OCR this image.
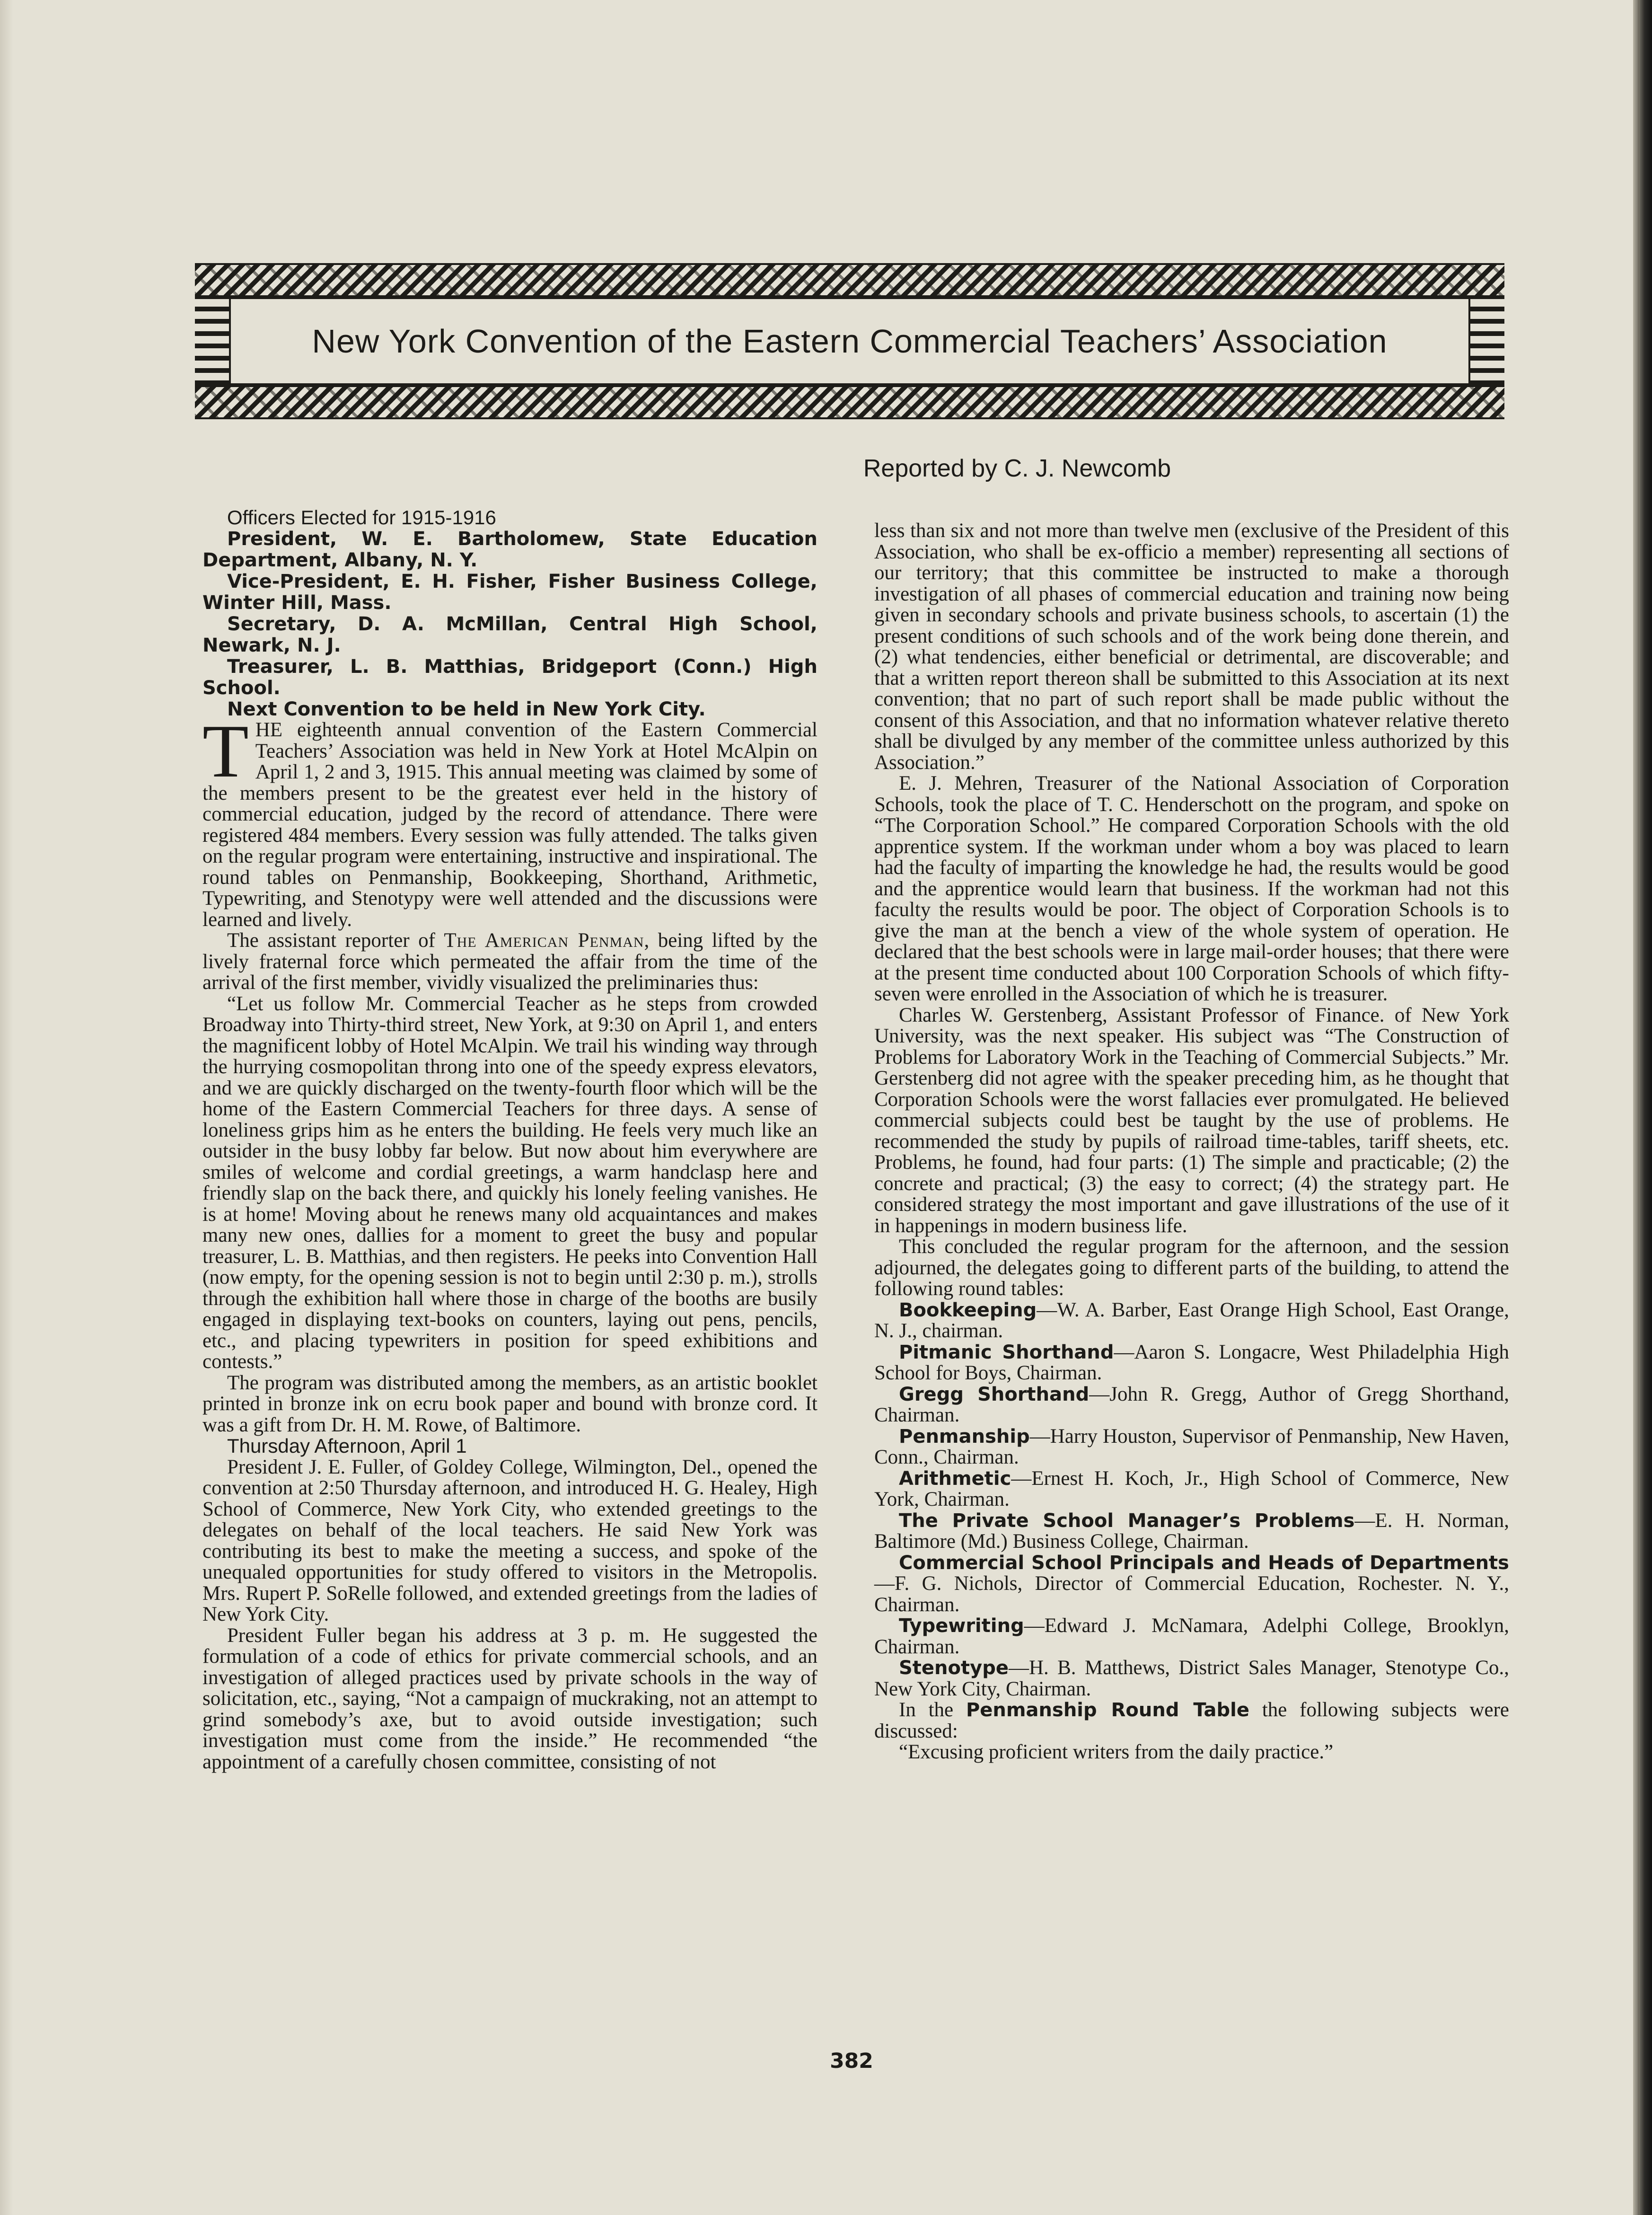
New York Convention of the Eastern Commercial Teachers’ Association

Reported by C. J. Newcomb

Officers Elected for 1915-1916

President, W. E. Bartholomew, State Education Department, Albany, N. Y.

Vice-President, E. H. Fisher, Fisher Business College, Winter Hill, Mass.

Secretary, D. A. McMillan, Central High School, Newark, N. J.

Treasurer, L. B. Matthias, Bridgeport (Conn.) High School.

Next Convention to be held in New York City.

THE eighteenth annual convention of the Eastern Commercial Teachers’ Association was held in New York at Hotel McAlpin on April 1, 2 and 3, 1915. This annual meeting was claimed by some of the members present to be the greatest ever held in the history of commercial education, judged by the record of attendance. There were registered 484 members. Every session was fully attended. The talks given on the regular program were entertaining, instructive and inspirational. The round tables on Penmanship, Bookkeeping, Shorthand, Arithmetic, Typewriting, and Stenotypy were well attended and the discussions were learned and lively.

The assistant reporter of The American Penman, being lifted by the lively fraternal force which permeated the affair from the time of the arrival of the first member, vividly visualized the preliminaries thus:

“Let us follow Mr. Commercial Teacher as he steps from crowded Broadway into Thirty-third street, New York, at 9:30 on April 1, and enters the magnificent lobby of Hotel McAlpin. We trail his winding way through the hurrying cosmopolitan throng into one of the speedy express elevators, and we are quickly discharged on the twenty-fourth floor which will be the home of the Eastern Commercial Teachers for three days. A sense of loneliness grips him as he enters the building. He feels very much like an outsider in the busy lobby far below. But now about him everywhere are smiles of welcome and cordial greetings, a warm handclasp here and friendly slap on the back there, and quickly his lonely feeling vanishes. He is at home! Moving about he renews many old acquaintances and makes many new ones, dallies for a moment to greet the busy and popular treasurer, L. B. Matthias, and then registers. He peeks into Convention Hall (now empty, for the opening session is not to begin until 2:30 p. m.), strolls through the exhibition hall where those in charge of the booths are busily engaged in displaying text-books on counters, laying out pens, pencils, etc., and placing typewriters in position for speed exhibitions and contests.”

The program was distributed among the members, as an artistic booklet printed in bronze ink on ecru book paper and bound with bronze cord. It was a gift from Dr. H. M. Rowe, of Baltimore.

Thursday Afternoon, April 1

President J. E. Fuller, of Goldey College, Wilmington, Del., opened the convention at 2:50 Thursday afternoon, and introduced H. G. Healey, High School of Commerce, New York City, who extended greetings to the delegates on behalf of the local teachers. He said New York was contributing its best to make the meeting a success, and spoke of the unequaled opportunities for study offered to visitors in the Metropolis. Mrs. Rupert P. SoRelle followed, and extended greetings from the ladies of New York City.

President Fuller began his address at 3 p. m. He suggested the formulation of a code of ethics for private commercial schools, and an investigation of alleged practices used by private schools in the way of solicitation, etc., saying, “Not a campaign of muckraking, not an attempt to grind somebody’s axe, but to avoid outside investigation; such investigation must come from the inside.” He recommended “the appointment of a carefully chosen committee, consisting of not

less than six and not more than twelve men (exclusive of the President of this Association, who shall be ex-officio a member) representing all sections of our territory; that this committee be instructed to make a thorough investigation of all phases of commercial education and training now being given in secondary schools and private business schools, to ascertain (1) the present conditions of such schools and of the work being done therein, and (2) what tendencies, either beneficial or detrimental, are discoverable; and that a written report thereon shall be submitted to this Association at its next convention; that no part of such report shall be made public without the consent of this Association, and that no information whatever relative thereto shall be divulged by any member of the committee unless authorized by this Association.”

E. J. Mehren, Treasurer of the National Association of Corporation Schools, took the place of T. C. Henderschott on the program, and spoke on “The Corporation School.” He compared Corporation Schools with the old apprentice system. If the workman under whom a boy was placed to learn had the faculty of imparting the knowledge he had, the results would be good and the apprentice would learn that business. If the workman had not this faculty the results would be poor. The object of Corporation Schools is to give the man at the bench a view of the whole system of operation. He declared that the best schools were in large mail-order houses; that there were at the present time conducted about 100 Corporation Schools of which fifty-seven were enrolled in the Association of which he is treasurer.

Charles W. Gerstenberg, Assistant Professor of Finance. of New York University, was the next speaker. His subject was “The Construction of Problems for Laboratory Work in the Teaching of Commercial Subjects.” Mr. Gerstenberg did not agree with the speaker preceding him, as he thought that Corporation Schools were the worst fallacies ever promulgated. He believed commercial subjects could best be taught by the use of problems. He recommended the study by pupils of railroad time-tables, tariff sheets, etc. Problems, he found, had four parts: (1) The simple and practicable; (2) the concrete and practical; (3) the easy to correct; (4) the strategy part. He considered strategy the most important and gave illustrations of the use of it in happenings in modern business life.

This concluded the regular program for the afternoon, and the session adjourned, the delegates going to different parts of the building, to attend the following round tables:

Bookkeeping—W. A. Barber, East Orange High School, East Orange, N. J., chairman.

Pitmanic Shorthand—Aaron S. Longacre, West Philadelphia High School for Boys, Chairman.

Gregg Shorthand—John R. Gregg, Author of Gregg Shorthand, Chairman.

Penmanship—Harry Houston, Supervisor of Penmanship, New Haven, Conn., Chairman.

Arithmetic—Ernest H. Koch, Jr., High School of Commerce, New York, Chairman.

The Private School Manager’s Problems—E. H. Norman, Baltimore (Md.) Business College, Chairman.

Commercial School Principals and Heads of Departments—F. G. Nichols, Director of Commercial Education, Rochester. N. Y., Chairman.

Typewriting—Edward J. McNamara, Adelphi College, Brooklyn, Chairman.

Stenotype—H. B. Matthews, District Sales Manager, Stenotype Co., New York City, Chairman.

In the Penmanship Round Table the following subjects were discussed:

“Excusing proficient writers from the daily practice.”

382
